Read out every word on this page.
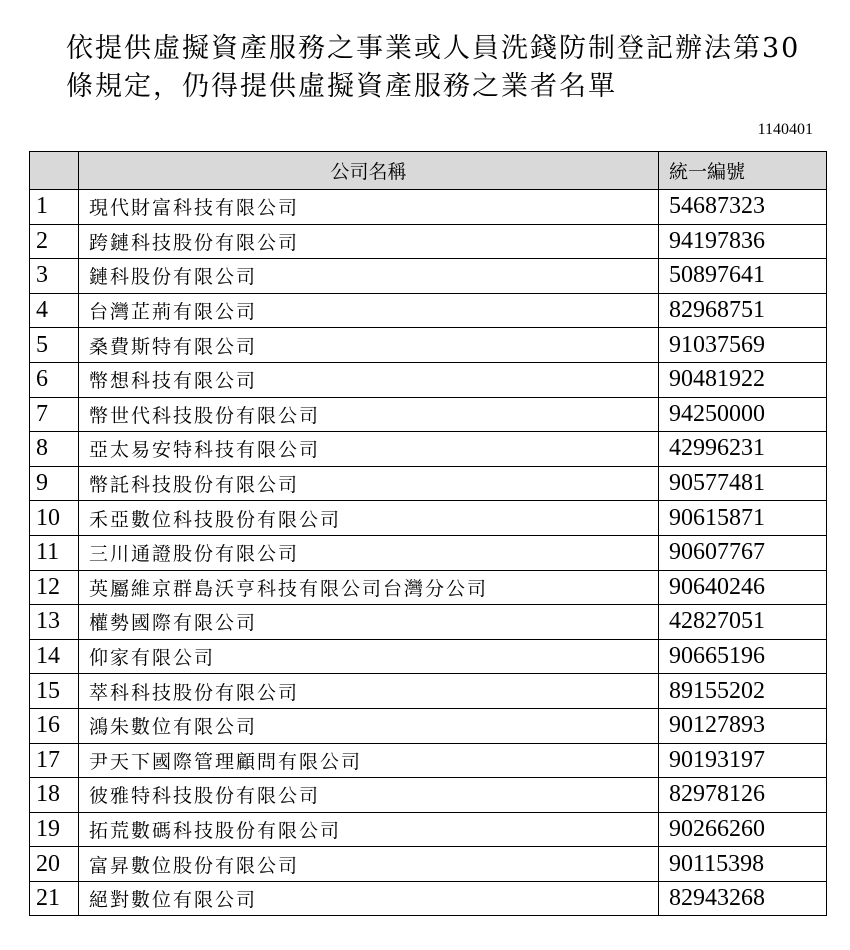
依提供虛擬資產服務之事業或人員洗錢防制登記辦法第30條規定，仍得提供虛擬資產服務之業者名單
1140401
	公司名稱	統一編號
1	現代財富科技有限公司	54687323
2	跨鏈科技股份有限公司	94197836
3	鏈科股份有限公司	50897641
4	台灣芷荊有限公司	82968751
5	桑費斯特有限公司	91037569
6	幣想科技有限公司	90481922
7	幣世代科技股份有限公司	94250000
8	亞太易安特科技有限公司	42996231
9	幣託科技股份有限公司	90577481
10	禾亞數位科技股份有限公司	90615871
11	三川通證股份有限公司	90607767
12	英屬維京群島沃亨科技有限公司台灣分公司	90640246
13	權勢國際有限公司	42827051
14	仰家有限公司	90665196
15	萃科科技股份有限公司	89155202
16	鴻朱數位有限公司	90127893
17	尹天下國際管理顧問有限公司	90193197
18	彼雅特科技股份有限公司	82978126
19	拓荒數碼科技股份有限公司	90266260
20	富昇數位股份有限公司	90115398
21	絕對數位有限公司	82943268
